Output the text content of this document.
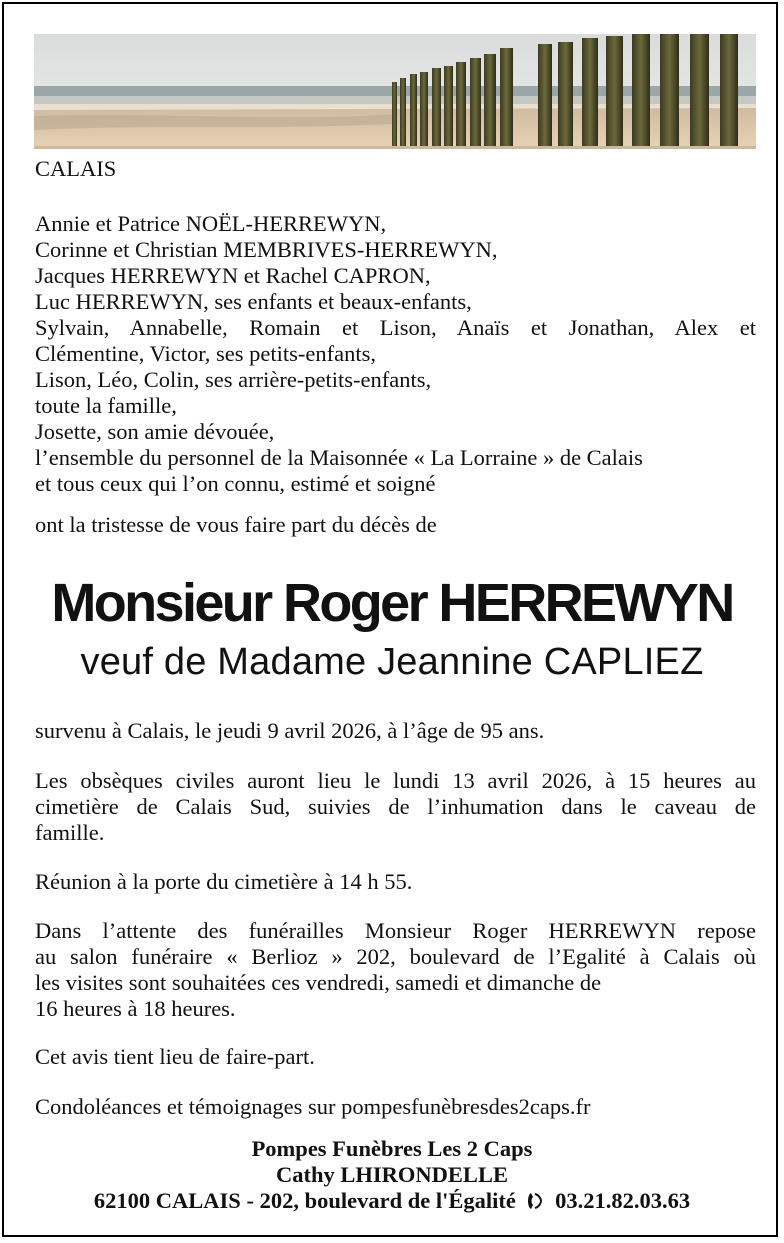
CALAIS
Annie et Patrice NOËL-HERREWYN,
Corinne et Christian MEMBRIVES-HERREWYN,
Jacques HERREWYN et Rachel CAPRON,
Luc HERREWYN, ses enfants et beaux-enfants,
Sylvain, Annabelle, Romain et Lison, Anaïs et Jonathan, Alex et
Clémentine, Victor, ses petits-enfants,
Lison, Léo, Colin, ses arrière-petits-enfants,
toute la famille,
Josette, son amie dévouée,
l’ensemble du personnel de la Maisonnée « La Lorraine » de Calais
et tous ceux qui l’on connu, estimé et soigné
ont la tristesse de vous faire part du décès de
Monsieur Roger HERREWYN
veuf de Madame Jeannine CAPLIEZ
survenu à Calais, le jeudi 9 avril 2026, à l’âge de 95 ans.
Les obsèques civiles auront lieu le lundi 13 avril 2026, à 15 heures au
cimetière de Calais Sud, suivies de l’inhumation dans le caveau de
famille.
Réunion à la porte du cimetière à 14 h 55.
Dans l’attente des funérailles Monsieur Roger HERREWYN repose
au salon funéraire « Berlioz » 202, boulevard de l’Egalité à Calais où
les visites sont souhaitées ces vendredi, samedi et dimanche de
16 heures à 18 heures.
Cet avis tient lieu de faire-part.
Condoléances et témoignages sur pompesfunèbresdes2caps.fr
Pompes Funèbres Les 2 Caps
Cathy LHIRONDELLE
62100 CALAIS - 202, boulevard de l'Égalité 03.21.82.03.63
